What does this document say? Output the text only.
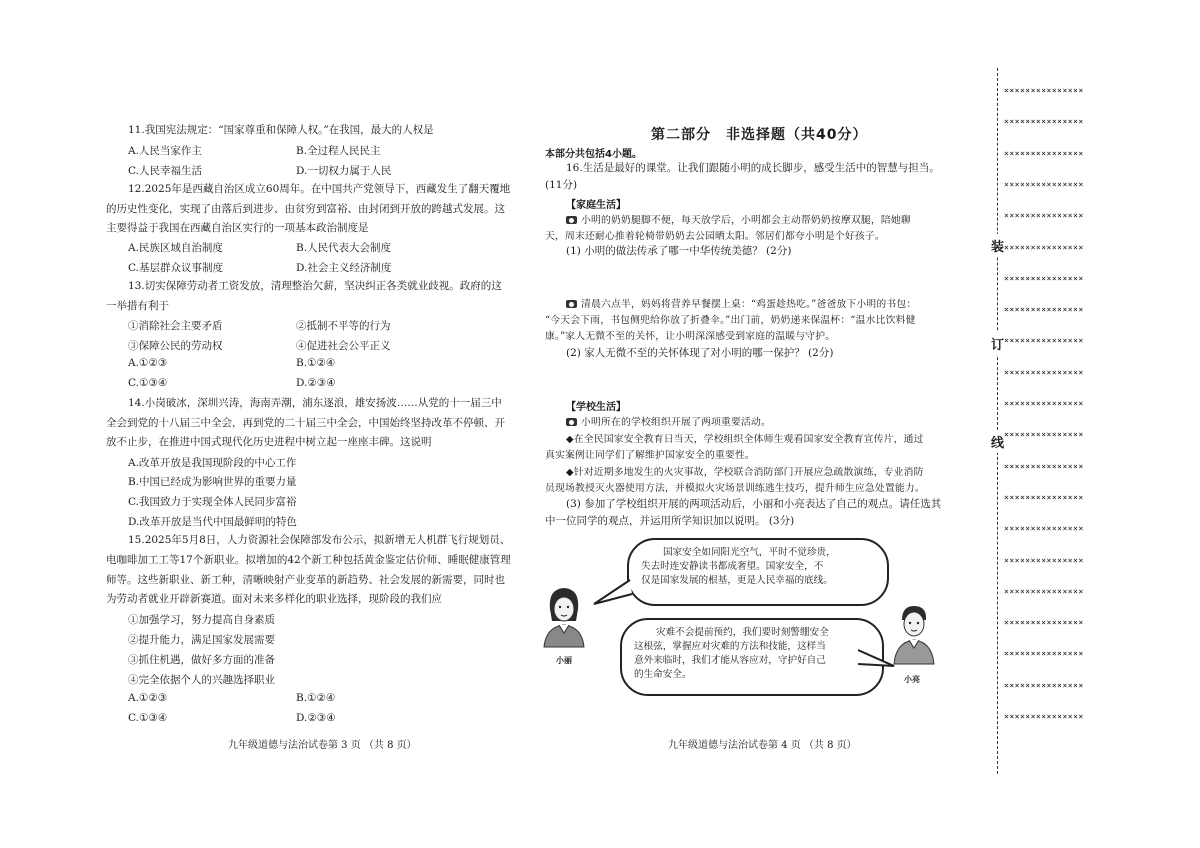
11.我国宪法规定：“国家尊重和保障人权。”在我国，最大的人权是
A.人民当家作主	B.全过程人民民主
C.人民幸福生活	D.一切权力属于人民
12.2025年是西藏自治区成立60周年。在中国共产党领导下，西藏发生了翻天覆地
的历史性变化，实现了由落后到进步、由贫穷到富裕、由封闭到开放的跨越式发展。这
主要得益于我国在西藏自治区实行的一项基本政治制度是
A.民族区域自治制度	B.人民代表大会制度
C.基层群众议事制度	D.社会主义经济制度
13.切实保障劳动者工资发放，清理整治欠薪，坚决纠正各类就业歧视。政府的这
一举措有利于
①消除社会主要矛盾	②抵制不平等的行为
③保障公民的劳动权	④促进社会公平正义
A.①②③	B.①②④
C.①③④	D.②③④
14.小岗破冰，深圳兴涛，海南弄潮，浦东逐浪，雄安扬波……从党的十一届三中
全会到党的十八届三中全会，再到党的二十届三中全会，中国始终坚持改革不停顿、开
放不止步，在推进中国式现代化历史进程中树立起一座座丰碑。这说明
A.改革开放是我国现阶段的中心工作
B.中国已经成为影响世界的重要力量
C.我国致力于实现全体人民同步富裕
D.改革开放是当代中国最鲜明的特色
15.2025年5月8日，人力资源社会保障部发布公示，拟新增无人机群飞行规划员、
电咖啡加工工等17个新职业。拟增加的42个新工种包括黄金鉴定估价师、睡眠健康管理
师等。这些新职业、新工种，清晰映射产业变革的新趋势、社会发展的新需要，同时也
为劳动者就业开辟新赛道。面对未来多样化的职业选择，现阶段的我们应
①加强学习，努力提高自身素质
②提升能力，满足国家发展需要
③抓住机遇，做好多方面的准备
④完全依据个人的兴趣选择职业
A.①②③	B.①②④
C.①③④	D.②③④
九年级道德与法治试卷第 3 页 （共 8 页）
第二部分　非选择题（共40分）
本部分共包括4小题。
16.生活是最好的课堂。让我们跟随小明的成长脚步，感受生活中的智慧与担当。
(11分)
【家庭生活】
小明的奶奶腿脚不便，每天放学后，小明都会主动帮奶奶按摩双腿，陪她聊
天，周末还耐心推着轮椅带奶奶去公园晒太阳。邻居们都夸小明是个好孩子。
(1) 小明的做法传承了哪一中华传统美德？ (2分)
清晨六点半，妈妈将营养早餐摆上桌：“鸡蛋趁热吃。”爸爸放下小明的书包：
“今天会下雨，书包侧兜给你放了折叠伞。”出门前，奶奶递来保温杯：“温水比饮料健
康。”家人无微不至的关怀，让小明深深感受到家庭的温暖与守护。
(2) 家人无微不至的关怀体现了对小明的哪一保护？ (2分)
【学校生活】
小明所在的学校组织开展了两项重要活动。
◆在全民国家安全教育日当天，学校组织全体师生观看国家安全教育宣传片，通过
真实案例让同学们了解维护国家安全的重要性。
◆针对近期多地发生的火灾事故，学校联合消防部门开展应急疏散演练，专业消防
员现场教授灭火器使用方法，并模拟火灾场景训练逃生技巧，提升师生应急处置能力。
(3) 参加了学校组织开展的两项活动后，小丽和小亮表达了自己的观点。请任选其
中一位同学的观点，并运用所学知识加以说明。 (3分)

国家安全如同阳光空气，平时不觉珍贵，

失去时连安静读书都成奢望。国家安全，不

仅是国家发展的根基，更是人民幸福的底线。

灾难不会提前预约，我们要时刻警绷安全

这根弦，掌握应对灾难的方法和技能，这样当

意外来临时，我们才能从容应对，守护好自己

的生命安全。

小丽
小亮
九年级道德与法治试卷第 4 页 （共 8 页）
×××××××××××××××
×××××××××××××××
×××××××××××××××
×××××××××××××××
×××××××××××××××
×××××××××××××××
×××××××××××××××
×××××××××××××××
×××××××××××××××
×××××××××××××××
×××××××××××××××
×××××××××××××××
×××××××××××××××
×××××××××××××××
×××××××××××××××
×××××××××××××××
×××××××××××××××
×××××××××××××××
×××××××××××××××
×××××××××××××××
×××××××××××××××
装
订
线
